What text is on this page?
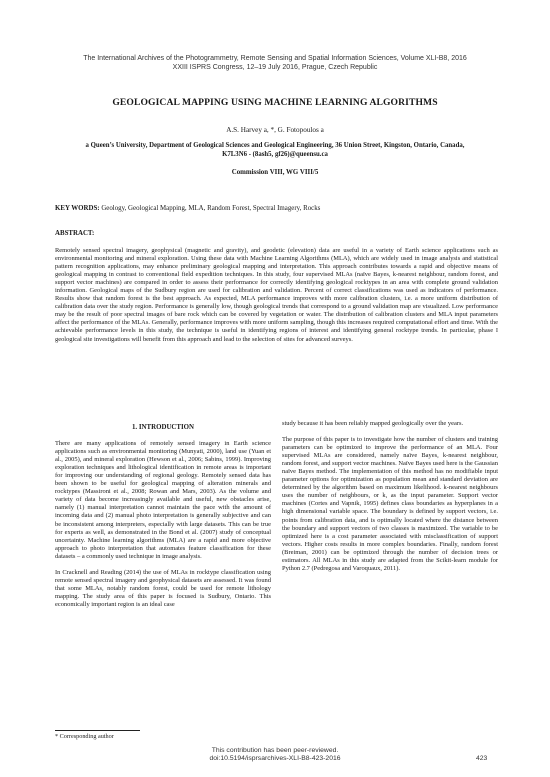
The International Archives of the Photogrammetry, Remote Sensing and Spatial Information Sciences, Volume XLI-B8, 2016
XXIII ISPRS Congress, 12–19 July 2016, Prague, Czech Republic
GEOLOGICAL MAPPING USING MACHINE LEARNING ALGORITHMS
A.S. Harvey a, *, G. Fotopoulos a
a Queen’s University, Department of Geological Sciences and Geological Engineering, 36 Union Street, Kingston, Ontario, Canada,
K7L3N6 - (8ash5, gf26)@queensu.ca
Commission VIII, WG VIII/5
KEY WORDS: Geology, Geological Mapping, MLA, Random Forest, Spectral Imagery, Rocks
ABSTRACT:
Remotely sensed spectral imagery, geophysical (magnetic and gravity), and geodetic (elevation) data are useful in a variety of Earth science applications such as environmental monitoring and mineral exploration. Using these data with Machine Learning Algorithms (MLA), which are widely used in image analysis and statistical pattern recognition applications, may enhance preliminary geological mapping and interpretation. This approach contributes towards a rapid and objective means of geological mapping in contrast to conventional field expedition techniques. In this study, four supervised MLAs (naïve Bayes, k-nearest neighbour, random forest, and support vector machines) are compared in order to assess their performance for correctly identifying geological rocktypes in an area with complete ground validation information. Geological maps of the Sudbury region are used for calibration and validation. Percent of correct classifications was used as indicators of performance. Results show that random forest is the best approach. As expected, MLA performance improves with more calibration clusters, i.e. a more uniform distribution of calibration data over the study region. Performance is generally low, though geological trends that correspond to a ground validation map are visualized. Low performance may be the result of poor spectral images of bare rock which can be covered by vegetation or water. The distribution of calibration clusters and MLA input parameters affect the performance of the MLAs. Generally, performance improves with more uniform sampling, though this increases required computational effort and time. With the achievable performance levels in this study, the technique is useful in identifying regions of interest and identifying general rocktype trends. In particular, phase I geological site investigations will benefit from this approach and lead to the selection of sites for advanced surveys.
1. INTRODUCTION

There are many applications of remotely sensed imagery in Earth science applications such as environmental monitoring (Munyati, 2000), land use (Yuan et al., 2005), and mineral exploration (Hewson et al., 2006; Sabins, 1999). Improving exploration techniques and lithological identification in remote areas is important for improving our understanding of regional geology. Remotely sensed data has been shown to be useful for geological mapping of alteration minerals and rocktypes (Massironi et al., 2008; Rowan and Mars, 2003). As the volume and variety of data become increasingly available and useful, new obstacles arise, namely (1) manual interpretation cannot maintain the pace with the amount of incoming data and (2) manual photo interpretation is generally subjective and can be inconsistent among interpreters, especially with large datasets. This can be true for experts as well, as demonstrated in the Bond et al. (2007) study of conceptual uncertainty. Machine learning algorithms (MLA) are a rapid and more objective approach to photo interpretation that automates feature classification for these datasets – a commonly used technique in image analysis.

In Cracknell and Reading (2014) the use of MLAs in rocktype classification using remote sensed spectral imagery and geophysical datasets are assessed. It was found that some MLAs, notably random forest, could be used for remote lithology mapping. The study area of this paper is focused is Sudbury, Ontario. This economically important region is an ideal case

study because it has been reliably mapped geologically over the years.

The purpose of this paper is to investigate how the number of clusters and training parameters can be optimized to improve the performance of an MLA. Four supervised MLAs are considered, namely naïve Bayes, k-nearest neighbour, random forest, and support vector machines. Naïve Bayes used here is the Gaussian naïve Bayes method. The implementation of this method has no modifiable input parameter options for optimization as population mean and standard deviation are determined by the algorithm based on maximum likelihood. k-nearest neighbours uses the number of neighbours, or k, as the input parameter. Support vector machines (Cortes and Vapnik, 1995) defines class boundaries as hyperplanes in a high dimensional variable space. The boundary is defined by support vectors, i.e. points from calibration data, and is optimally located where the distance between the boundary and support vectors of two classes is maximized. The variable to be optimized here is a cost parameter associated with misclassification of support vectors. Higher costs results in more complex boundaries. Finally, random forest (Breiman, 2001) can be optimized through the number of decision trees or estimators. All MLAs in this study are adapted from the Scikit-learn module for Python 2.7 (Pedregosa and Varoquaux, 2011).

* Corresponding author
This contribution has been peer-reviewed.
doi:10.5194/isprsarchives-XLI-B8-423-2016	423
